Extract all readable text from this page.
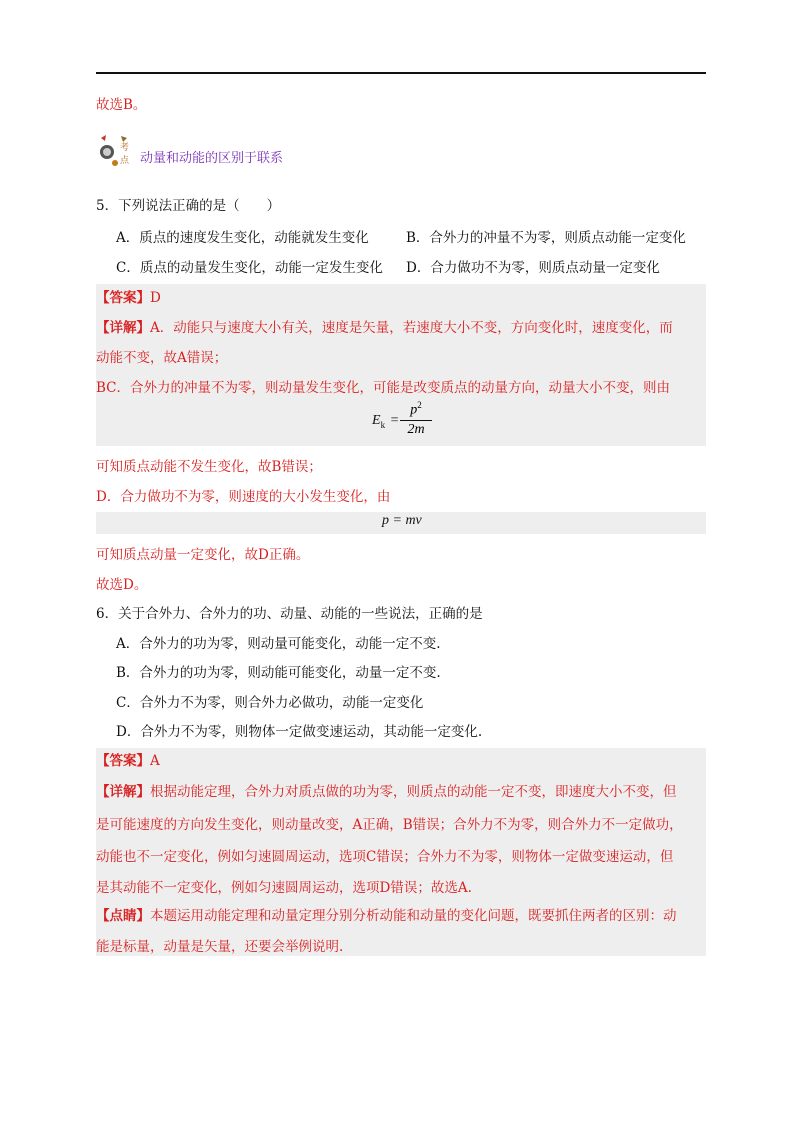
故选B。
考
点 动量和动能的区别于联系
5．下列说法正确的是（　　）
A．质点的速度发生变化，动能就发生变化	B．合外力的冲量不为零，则质点动能一定变化
C．质点的动量发生变化，动能一定发生变化 D．合力做功不为零，则质点动量一定变化
【答案】D
【详解】A．动能只与速度大小有关，速度是矢量，若速度大小不变，方向变化时，速度变化，而
动能不变，故A错误；
BC．合外力的冲量不为零，则动量发生变化，可能是改变质点的动量方向，动量大小不变，则由
$E_k$ =
$p^2$
2m
可知质点动能不发生变化，故B错误；
D．合力做功不为零，则速度的大小发生变化，由
p = mv
可知质点动量一定变化，故D正确。
故选D。
6．关于合外力、合外力的功、动量、动能的一些说法，正确的是
A．合外力的功为零，则动量可能变化，动能一定不变.
B．合外力的功为零，则动能可能变化，动量一定不变.
C．合外力不为零，则合外力必做功，动能一定变化
D．合外力不为零，则物体一定做变速运动，其动能一定变化.
【答案】A
【详解】根据动能定理，合外力对质点做的功为零，则质点的动能一定不变，即速度大小不变，但
是可能速度的方向发生变化，则动量改变，A正确，B错误；合外力不为零，则合外力不一定做功，
动能也不一定变化，例如匀速圆周运动，选项C错误；合外力不为零，则物体一定做变速运动，但
是其动能不一定变化，例如匀速圆周运动，选项D错误；故选A.
【点睛】本题运用动能定理和动量定理分别分析动能和动量的变化问题，既要抓住两者的区别：动
能是标量，动量是矢量，还要会举例说明.
